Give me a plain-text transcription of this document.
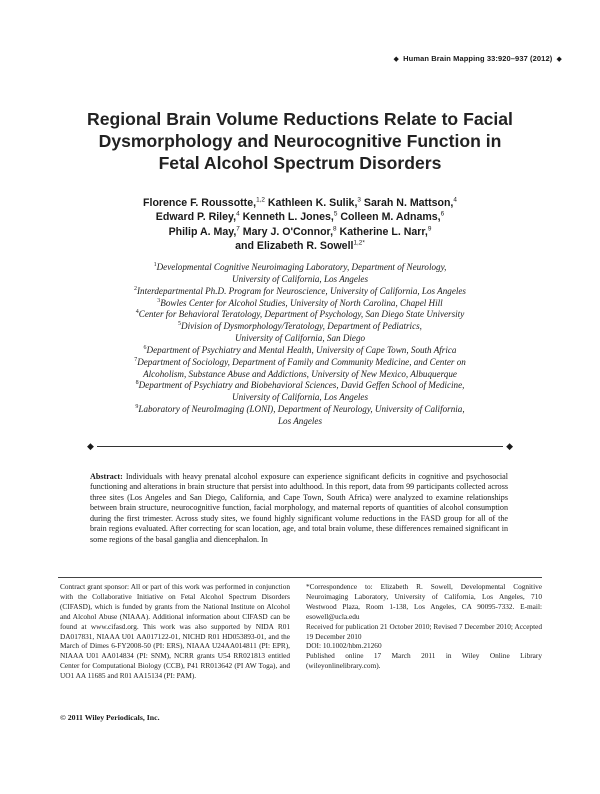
◆ Human Brain Mapping 33:920–937 (2012) ◆
Regional Brain Volume Reductions Relate to Facial
Dysmorphology and Neurocognitive Function in
Fetal Alcohol Spectrum Disorders
Florence F. Roussotte,$^{1,2}$ Kathleen K. Sulik,$^3$ Sarah N. Mattson,$^4$
Edward P. Riley,$^4$ Kenneth L. Jones,$^5$ Colleen M. Adnams,$^6$
Philip A. May,$^7$ Mary J. O'Connor,$^8$ Katherine L. Narr,$^9$
and Elizabeth R. Sowell$^{1,2*}$
$^1$Developmental Cognitive Neuroimaging Laboratory, Department of Neurology,
University of California, Los Angeles
$^2$Interdepartmental Ph.D. Program for Neuroscience, University of California, Los Angeles
$^3$Bowles Center for Alcohol Studies, University of North Carolina, Chapel Hill
$^4$Center for Behavioral Teratology, Department of Psychology, San Diego State University
$^5$Division of Dysmorphology/Teratology, Department of Pediatrics,
University of California, San Diego
$^6$Department of Psychiatry and Mental Health, University of Cape Town, South Africa
$^7$Department of Sociology, Department of Family and Community Medicine, and Center on
Alcoholism, Substance Abuse and Addictions, University of New Mexico, Albuquerque
$^8$Department of Psychiatry and Biobehavioral Sciences, David Geffen School of Medicine,
University of California, Los Angeles
$^9$Laboratory of NeuroImaging (LONI), Department of Neurology, University of California,
Los Angeles
◆	◆
Abstract: Individuals with heavy prenatal alcohol exposure can experience significant deficits in cognitive and psychosocial functioning and alterations in brain structure that persist into adulthood. In this report, data from 99 participants collected across three sites (Los Angeles and San Diego, California, and Cape Town, South Africa) were analyzed to examine relationships between brain structure, neurocognitive function, facial morphology, and maternal reports of quantities of alcohol consumption during the first trimester. Across study sites, we found highly significant volume reductions in the FASD group for all of the brain regions evaluated. After correcting for scan location, age, and total brain volume, these differences remained significant in some regions of the basal ganglia and diencephalon. In
Contract grant sponsor: All or part of this work was performed in conjunction with the Collaborative Initiative on Fetal Alcohol Spectrum Disorders (CIFASD), which is funded by grants from the National Institute on Alcohol and Alcohol Abuse (NIAAA). Additional information about CIFASD can be found at www.cifasd.org. This work was also supported by NIDA R01 DA017831, NIAAA U01 AA017122-01, NICHD R01 HD053893-01, and the March of Dimes 6-FY2008-50 (PI: ERS), NIAAA U24AA014811 (PI: EPR), NIAAA U01 AA014834 (PI: SNM), NCRR grants U54 RR021813 entitled Center for Computational Biology (CCB), P41 RR013642 (PI AW Toga), and UO1 AA 11685 and R01 AA15134 (PI: PAM).

*Correspondence to: Elizabeth R. Sowell, Developmental Cognitive Neuroimaging Laboratory, University of California, Los Angeles, 710 Westwood Plaza, Room 1-138, Los Angeles, CA 90095-7332. E-mail: esowell@ucla.edu

Received for publication 21 October 2010; Revised 7 December 2010; Accepted 19 December 2010

DOI: 10.1002/hbm.21260

Published online 17 March 2011 in Wiley Online Library (wileyonlinelibrary.com).

© 2011 Wiley Periodicals, Inc.
